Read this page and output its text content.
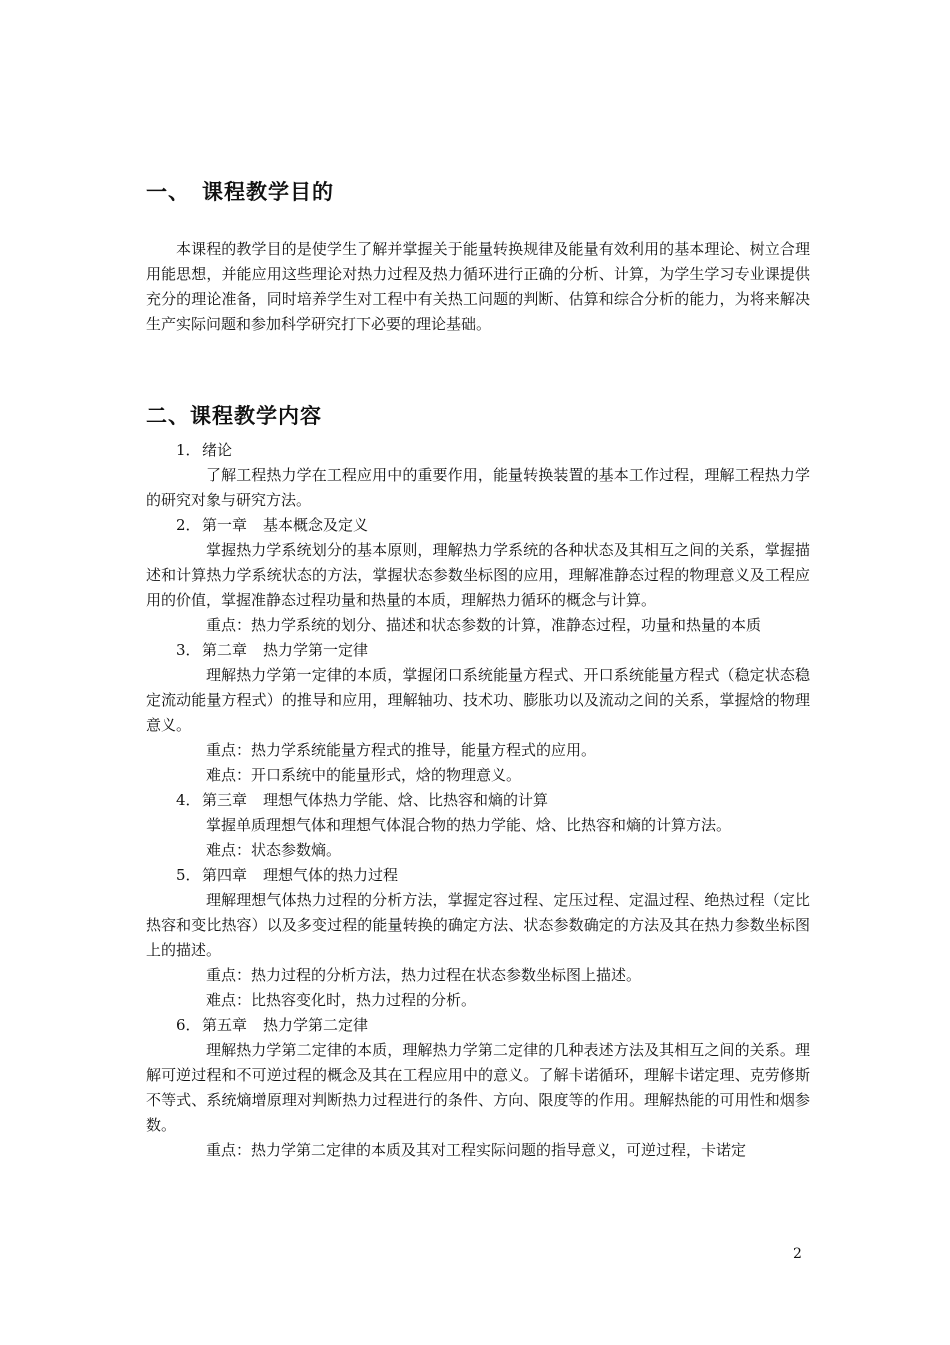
一、 课程教学目的

本课程的教学目的是使学生了解并掌握关于能量转换规律及能量有效利用的基本理论、树立合理用能思想，并能应用这些理论对热力过程及热力循环进行正确的分析、计算，为学生学习专业课提供充分的理论准备，同时培养学生对工程中有关热工问题的判断、估算和综合分析的能力，为将来解决生产实际问题和参加科学研究打下必要的理论基础。

二、课程教学内容

1．绪论

了解工程热力学在工程应用中的重要作用，能量转换装置的基本工作过程，理解工程热力学的研究对象与研究方法。

2．第一章 基本概念及定义

掌握热力学系统划分的基本原则，理解热力学系统的各种状态及其相互之间的关系，掌握描述和计算热力学系统状态的方法，掌握状态参数坐标图的应用，理解准静态过程的物理意义及工程应用的价值，掌握准静态过程功量和热量的本质，理解热力循环的概念与计算。

重点：热力学系统的划分、描述和状态参数的计算，准静态过程，功量和热量的本质

3．第二章 热力学第一定律

理解热力学第一定律的本质，掌握闭口系统能量方程式、开口系统能量方程式（稳定状态稳定流动能量方程式）的推导和应用，理解轴功、技术功、膨胀功以及流动之间的关系，掌握焓的物理意义。

重点：热力学系统能量方程式的推导，能量方程式的应用。

难点：开口系统中的能量形式，焓的物理意义。

4．第三章 理想气体热力学能、焓、比热容和熵的计算

掌握单质理想气体和理想气体混合物的热力学能、焓、比热容和熵的计算方法。

难点：状态参数熵。

5．第四章 理想气体的热力过程

理解理想气体热力过程的分析方法，掌握定容过程、定压过程、定温过程、绝热过程（定比热容和变比热容）以及多变过程的能量转换的确定方法、状态参数确定的方法及其在热力参数坐标图上的描述。

重点：热力过程的分析方法，热力过程在状态参数坐标图上描述。

难点：比热容变化时，热力过程的分析。

6．第五章 热力学第二定律

理解热力学第二定律的本质，理解热力学第二定律的几种表述方法及其相互之间的关系。理解可逆过程和不可逆过程的概念及其在工程应用中的意义。了解卡诺循环，理解卡诺定理、克劳修斯不等式、系统熵增原理对判断热力过程进行的条件、方向、限度等的作用。理解热能的可用性和烟参数。

重点：热力学第二定律的本质及其对工程实际问题的指导意义，可逆过程，卡诺定

2
